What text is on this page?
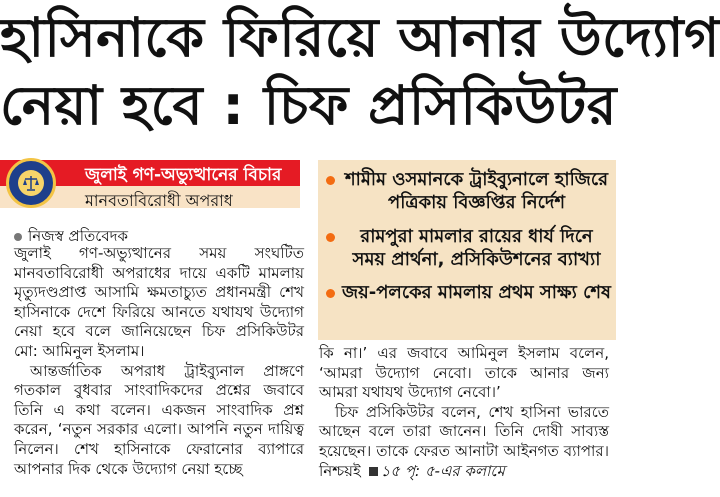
হাসিনাকে ফিরিয়ে আনার উদ্যোগ
নেয়া হবে : চিফ প্রসিকিউটর
জুলাই গণ-অভ্যুত্থানের বিচার
মানবতাবিরোধী অপরাধ
নিজস্ব প্রতিবেদক

জুলাই গণ-অভ্যুত্থানের সময় সংঘটিত মানবতাবিরোধী অপরাধের দায়ে একটি মামলায় মৃত্যুদণ্ডপ্রাপ্ত আসামি ক্ষমতাচ্যুত প্রধানমন্ত্রী শেখ হাসিনাকে দেশে ফিরিয়ে আনতে যথাযথ উদ্যোগ নেয়া হবে বলে জানিয়েছেন চিফ প্রসিকিউটর মো: আমিনুল ইসলাম।

আন্তর্জাতিক অপরাধ ট্রাইব্যুনাল প্রাঙ্গণে গতকাল বুধবার সাংবাদিকদের প্রশ্নের জবাবে তিনি এ কথা বলেন। একজন সাংবাদিক প্রশ্ন করেন, ‘নতুন সরকার এলো। আপনি নতুন দায়িত্ব নিলেন। শেখ হাসিনাকে ফেরানোর ব্যাপারে আপনার দিক থেকে উদ্যোগ নেয়া হচ্ছে

শামীম ওসমানকে ট্রাইব্যুনালে হাজিরে পত্রিকায় বিজ্ঞপ্তির নির্দেশ
রামপুরা মামলার রায়ের ধার্য দিনে সময় প্রার্থনা, প্রসিকিউশনের ব্যাখ্যা
জয়-পলকের মামলায় প্রথম সাক্ষ্য শেষ

কি না।’ এর জবাবে আমিনুল ইসলাম বলেন, ‘আমরা উদ্যোগ নেবো। তাকে আনার জন্য আমরা যথাযথ উদ্যোগ নেবো।’

চিফ প্রসিকিউটর বলেন, শেখ হাসিনা ভারতে আছেন বলে তারা জানেন। তিনি দোষী সাব্যস্ত হয়েছেন। তাকে ফেরত আনাটা আইনগত ব্যাপার। নিশ্চয়ই ১৫ পৃ: ৫-এর কলামে
